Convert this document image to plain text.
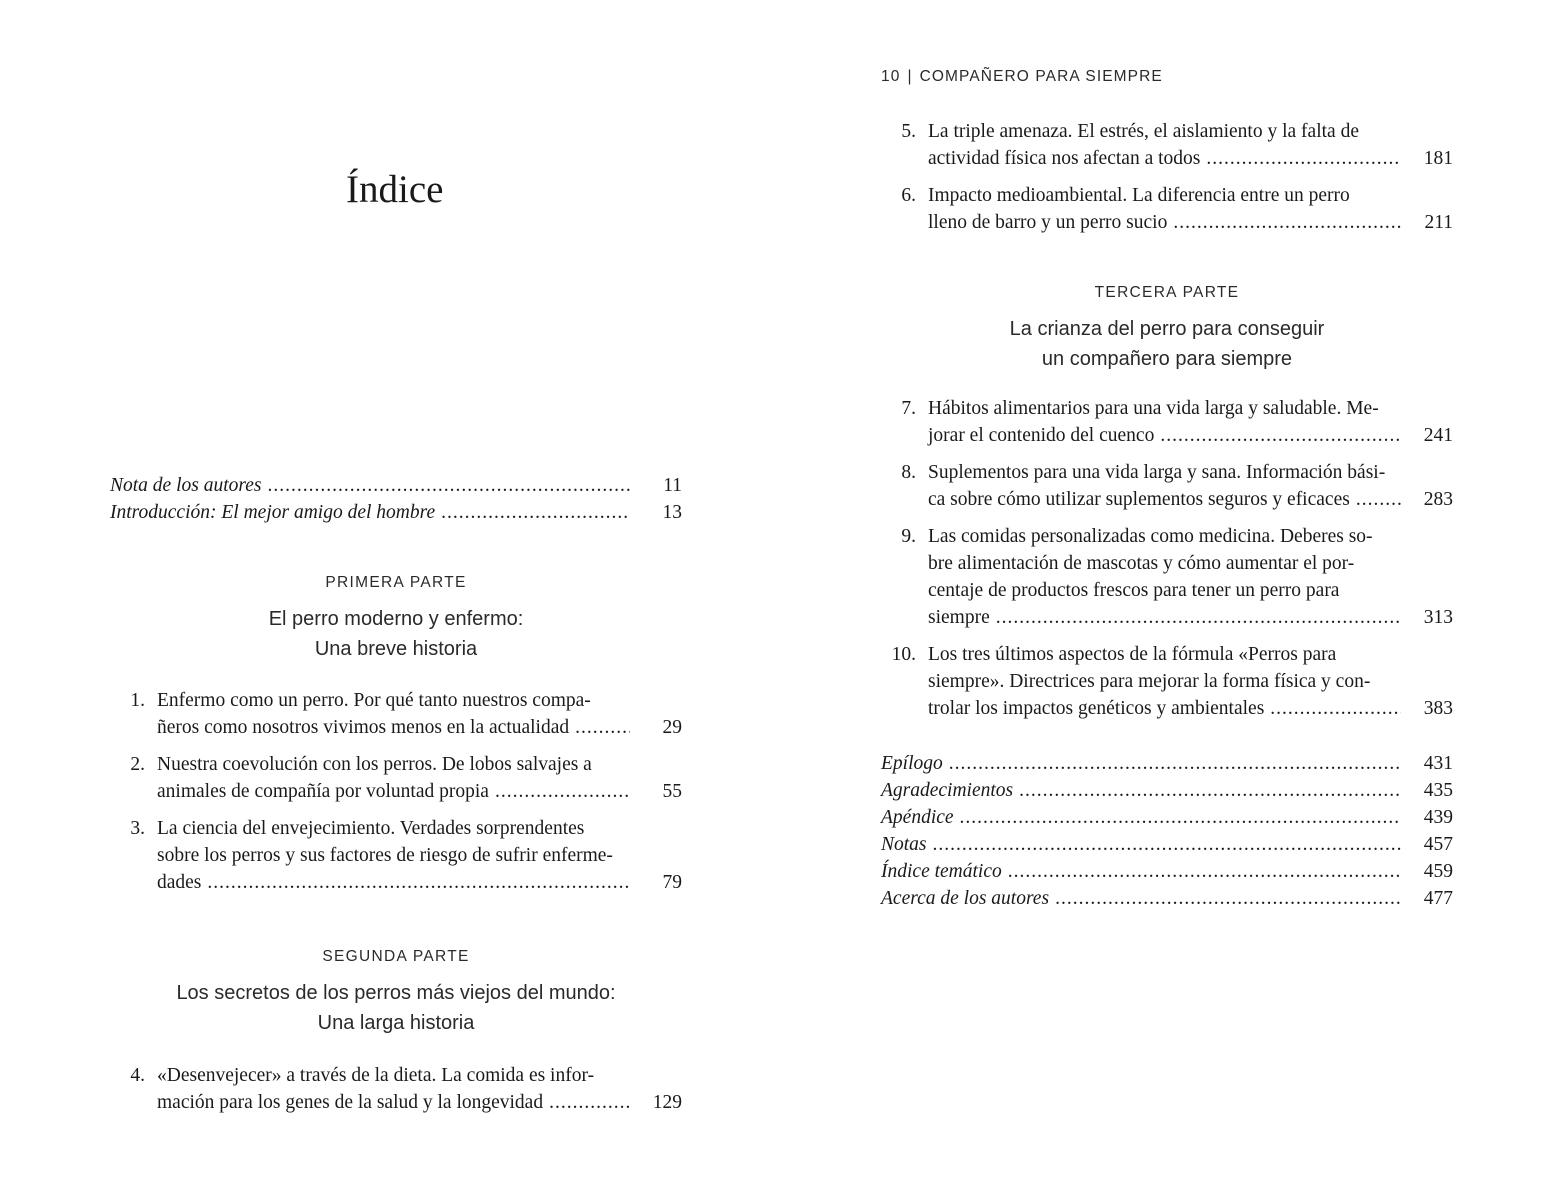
Índice
Nota de los autores .....	11
Introducción: El mejor amigo del hombre .....	13
PRIMERA PARTE
El perro moderno y enfermo:
Una breve historia
1. Enfermo como un perro. Por qué tanto nuestros compa-
ñeros como nosotros vivimos menos en la actualidad .....	29
2. Nuestra coevolución con los perros. De lobos salvajes a
animales de compañía por voluntad propia .....	55
3. La ciencia del envejecimiento. Verdades sorprendentes
sobre los perros y sus factores de riesgo de sufrir enferme-
dades .....	79
SEGUNDA PARTE
Los secretos de los perros más viejos del mundo:
Una larga historia
4. «Desenvejecer» a través de la dieta. La comida es infor-
mación para los genes de la salud y la longevidad .....	129
10 | COMPAÑERO PARA SIEMPRE
5. La triple amenaza. El estrés, el aislamiento y la falta de
actividad física nos afectan a todos .....	181
6. Impacto medioambiental. La diferencia entre un perro
lleno de barro y un perro sucio .....	211
TERCERA PARTE
La crianza del perro para conseguir
un compañero para siempre
7. Hábitos alimentarios para una vida larga y saludable. Me-
jorar el contenido del cuenco .....	241
8. Suplementos para una vida larga y sana. Información bási-
ca sobre cómo utilizar suplementos seguros y eficaces .....	283
9. Las comidas personalizadas como medicina. Deberes so-
bre alimentación de mascotas y cómo aumentar el por-
centaje de productos frescos para tener un perro para
siempre .....	313
10. Los tres últimos aspectos de la fórmula «Perros para
siempre». Directrices para mejorar la forma física y con-
trolar los impactos genéticos y ambientales .....	383
Epílogo .....	431
Agradecimientos .....	435
Apéndice .....	439
Notas .....	457
Índice temático .....	459
Acerca de los autores .....	477
